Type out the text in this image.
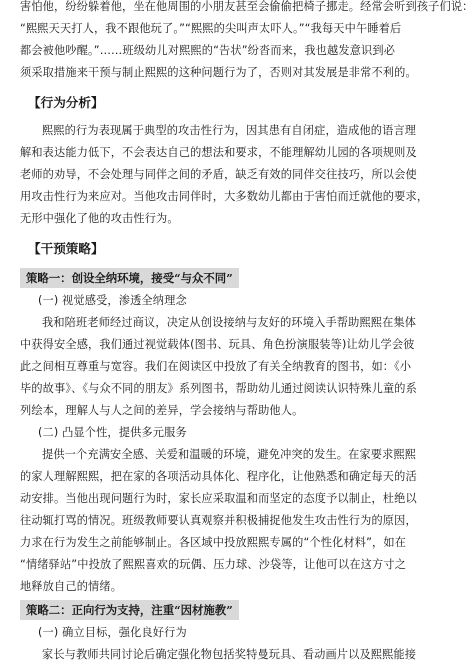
害怕他，纷纷躲着他，坐在他周围的小朋友甚至会偷偷把椅子挪走。经常会听到孩子们说：
“熙熙天天打人，我不跟他玩了。”“熙熙的尖叫声太吓人。”“我每天中午睡着后
都会被他吵醒。”……班级幼儿对熙熙的“告状”纷沓而来，我也越发意识到必
须采取措施来干预与制止熙熙的这种问题行为了，否则对其发展是非常不利的。
【行为分析】
熙熙的行为表现属于典型的攻击性行为，因其患有自闭症，造成他的语言理
解和表达能力低下，不会表达自己的想法和要求，不能理解幼儿园的各项规则及
老师的劝导，不会处理与同伴之间的矛盾，缺乏有效的同伴交往技巧，所以会使
用攻击性行为来应对。当他攻击同伴时，大多数幼儿都由于害怕而迁就他的要求，
无形中强化了他的攻击性行为。
【干预策略】
策略一：创设全纳环境，接受“与众不同”
(一) 视觉感受，渗透全纳理念
我和陪班老师经过商议，决定从创设接纳与友好的环境入手帮助熙熙在集体
中获得安全感，我们通过视觉载体(图书、玩具、角色扮演服装等)让幼儿学会彼
此之间相互尊重与宽容。我们在阅读区中投放了有关全纳教育的图书，如：《小
毕的故事》、《与众不同的朋友》系列图书，帮助幼儿通过阅读认识特殊儿童的系
列绘本，理解人与人之间的差异，学会接纳与帮助他人。
(二) 凸显个性，提供多元服务
提供一个充满安全感、关爱和温暖的环境，避免冲突的发生。在家要求熙熙
的家人理解熙熙，把在家的各项活动具体化、程序化，让他熟悉和确定每天的活
动安排。当他出现问题行为时，家长应采取温和而坚定的态度予以制止，杜绝以
往动辄打骂的情况。班级教师要认真观察并积极捕捉他发生攻击性行为的原因，
力求在行为发生之前能够制止。各区域中投放熙熙专属的“个性化材料”，如在
“情绪驿站”中投放了熙熙喜欢的玩偶、压力球、沙袋等，让他可以在这方寸之
地释放自己的情绪。
策略二：正向行为支持，注重“因材施教”
(一) 确立目标，强化良好行为
家长与教师共同讨论后确定强化物包括奖特曼玩具、看动画片以及熙熙能接
